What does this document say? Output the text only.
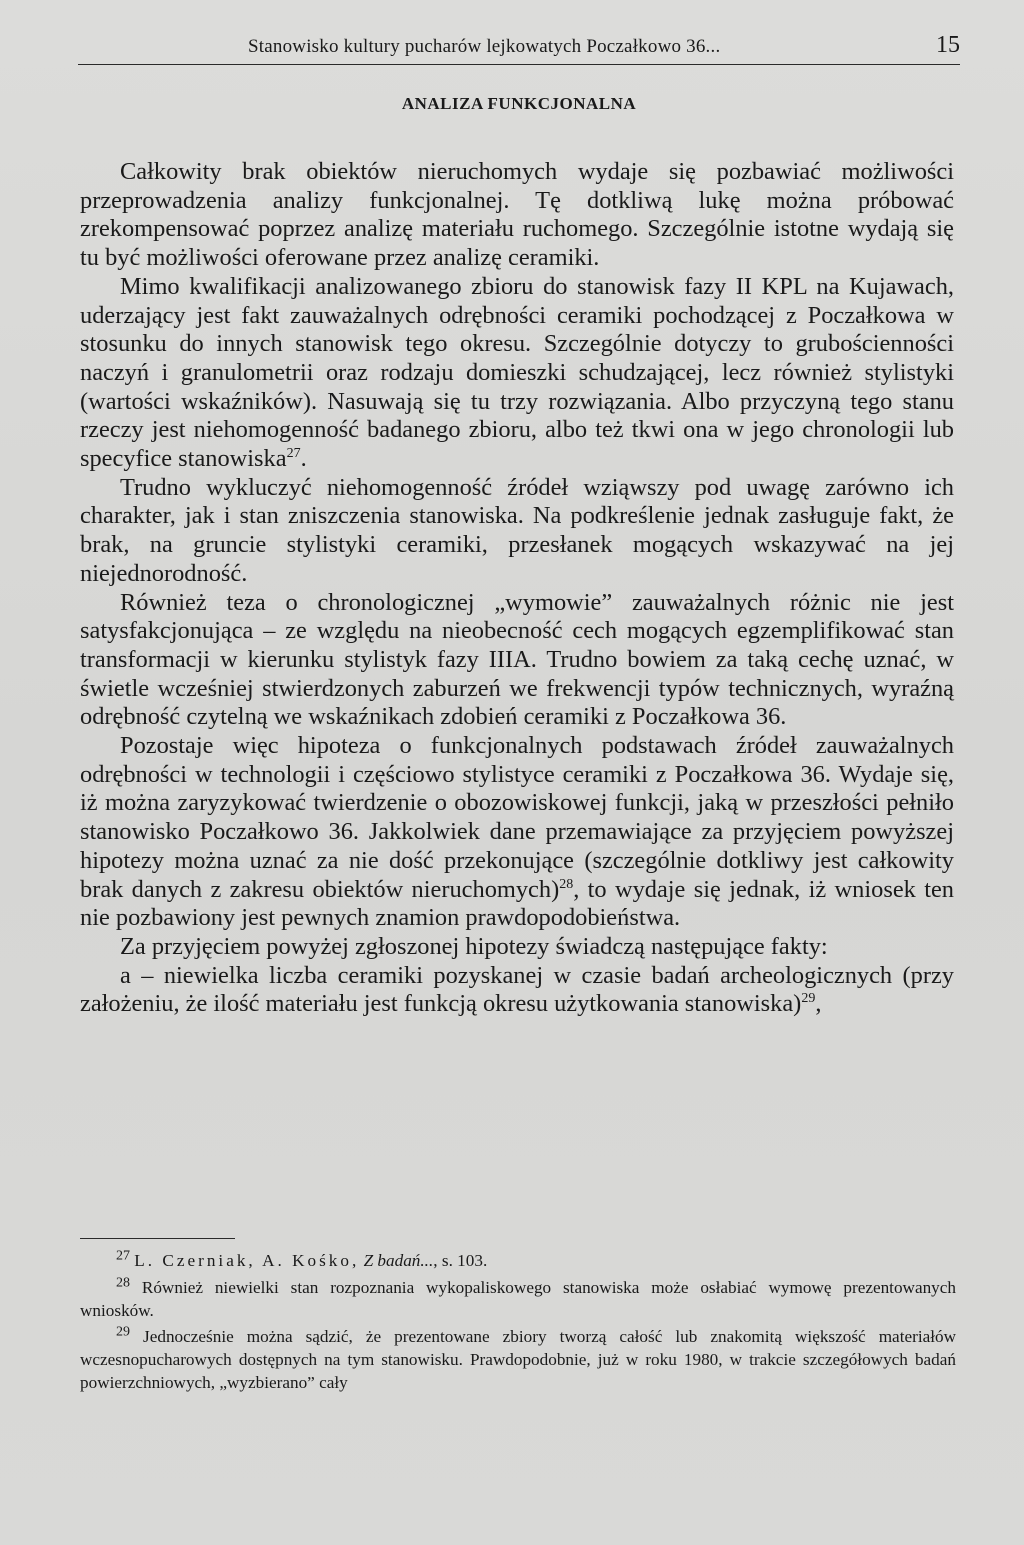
Stanowisko kultury pucharów lejkowatych Poczałkowo 36...	15
ANALIZA FUNKCJONALNA

Całkowity brak obiektów nieruchomych wydaje się pozbawiać możliwości przeprowadzenia analizy funkcjonalnej. Tę dotkliwą lukę można próbować zrekompensować poprzez analizę materiału ruchomego. Szczególnie istotne wydają się tu być możliwości oferowane przez analizę ceramiki.

Mimo kwalifikacji analizowanego zbioru do stanowisk fazy II KPL na Kujawach, uderzający jest fakt zauważalnych odrębności ceramiki pochodzącej z Poczałkowa w stosunku do innych stanowisk tego okresu. Szczególnie dotyczy to grubościenności naczyń i granulometrii oraz rodzaju domieszki schudzającej, lecz również stylistyki (wartości wskaźników). Nasuwają się tu trzy rozwiązania. Albo przyczyną tego stanu rzeczy jest niehomogenność badanego zbioru, albo też tkwi ona w jego chronologii lub specyfice stanowiska$^{27}$.

Trudno wykluczyć niehomogenność źródeł wziąwszy pod uwagę zarówno ich charakter, jak i stan zniszczenia stanowiska. Na podkreślenie jednak zasługuje fakt, że brak, na gruncie stylistyki ceramiki, przesłanek mogących wskazywać na jej niejednorodność.

Również teza o chronologicznej „wymowie” zauważalnych różnic nie jest satysfakcjonująca – ze względu na nieobecność cech mogących egzemplifikować stan transformacji w kierunku stylistyk fazy IIIA. Trudno bowiem za taką cechę uznać, w świetle wcześniej stwierdzonych zaburzeń we frekwencji typów technicznych, wyraźną odrębność czytelną we wskaźnikach zdobień ceramiki z Poczałkowa 36.

Pozostaje więc hipoteza o funkcjonalnych podstawach źródeł zauważalnych odrębności w technologii i częściowo stylistyce ceramiki z Poczałkowa 36. Wydaje się, iż można zaryzykować twierdzenie o obozowiskowej funkcji, jaką w przeszłości pełniło stanowisko Poczałkowo 36. Jakkolwiek dane przemawiające za przyjęciem powyższej hipotezy można uznać za nie dość przekonujące (szczególnie dotkliwy jest całkowity brak danych z zakresu obiektów nieruchomych)$^{28}$, to wydaje się jednak, iż wniosek ten nie pozbawiony jest pewnych znamion prawdopodobieństwa.

Za przyjęciem powyżej zgłoszonej hipotezy świadczą następujące fakty:

a – niewielka liczba ceramiki pozyskanej w czasie badań archeologicznych (przy założeniu, że ilość materiału jest funkcją okresu użytkowania stanowiska)$^{29}$,

$^{27}$ L. Czerniak, A. Kośko, Z badań..., s. 103.

$^{28}$ Również niewielki stan rozpoznania wykopaliskowego stanowiska może osłabiać wymowę prezentowanych wniosków.

$^{29}$ Jednocześnie można sądzić, że prezentowane zbiory tworzą całość lub znakomitą większość materiałów wczesnopucharowych dostępnych na tym stanowisku. Prawdopodobnie, już w roku 1980, w trakcie szczegółowych badań powierzchniowych, „wyzbierano” cały
